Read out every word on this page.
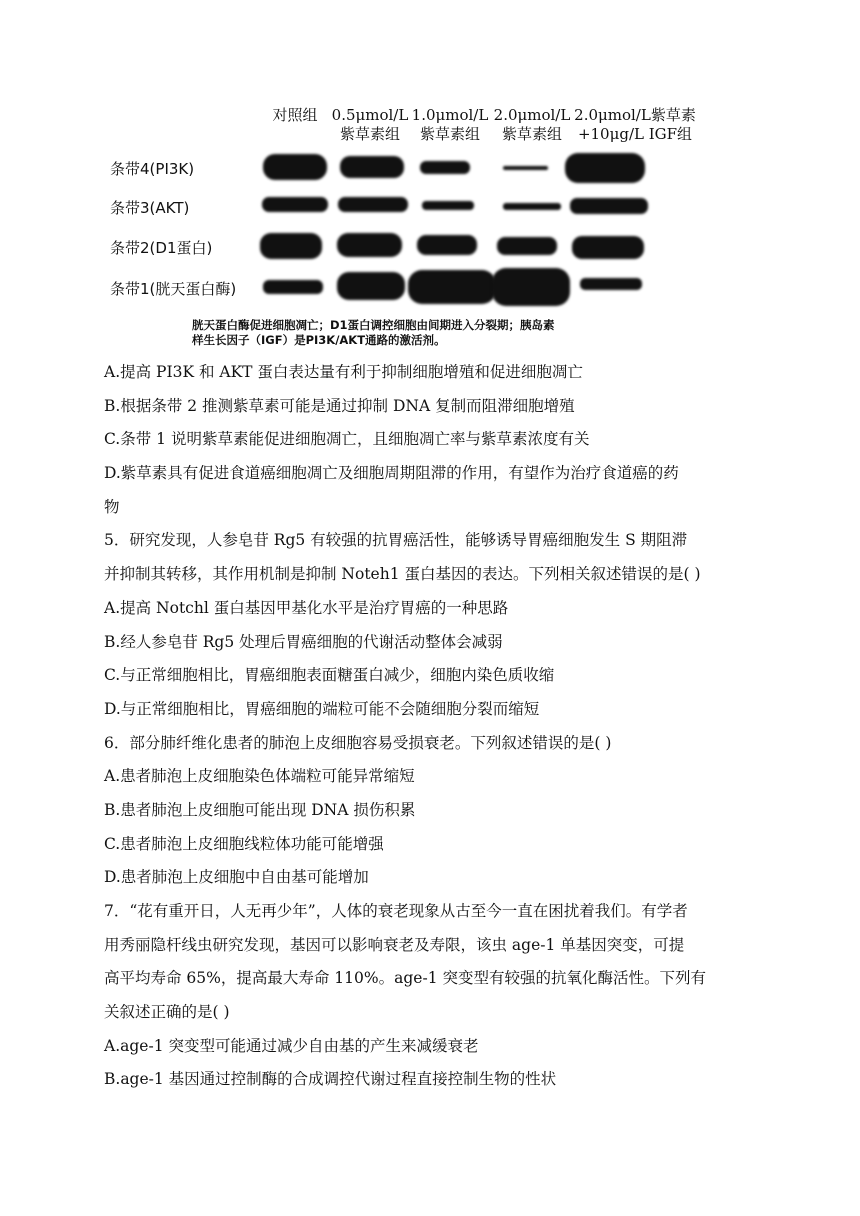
对照组 0.5μmol/L
紫草素组
1.0μmol/L
紫草素组
2.0μmol/L
紫草素组
2.0μmol/L紫草素
+10μg/L IGF组
条带4(PI3K)
条带3(AKT)
条带2(D1蛋白)
条带1(胱天蛋白酶)
胱天蛋白酶促进细胞凋亡；D1蛋白调控细胞由间期进入分裂期；胰岛素
样生长因子（IGF）是PI3K/AKT通路的激活剂。
A.提高 PI3K 和 AKT 蛋白表达量有利于抑制细胞增殖和促进细胞凋亡
B.根据条带 2 推测紫草素可能是通过抑制 DNA 复制而阻滞细胞增殖
C.条带 1 说明紫草素能促进细胞凋亡，且细胞凋亡率与紫草素浓度有关
D.紫草素具有促进食道癌细胞凋亡及细胞周期阻滞的作用，有望作为治疗食道癌的药
物
5．研究发现，人参皂苷 Rg5 有较强的抗胃癌活性，能够诱导胃癌细胞发生 S 期阻滞
并抑制其转移，其作用机制是抑制 Noteh1 蛋白基因的表达。下列相关叙述错误的是( )
A.提高 Notchl 蛋白基因甲基化水平是治疗胃癌的一种思路
B.经人参皂苷 Rg5 处理后胃癌细胞的代谢活动整体会减弱
C.与正常细胞相比，胃癌细胞表面糖蛋白减少，细胞内染色质收缩
D.与正常细胞相比，胃癌细胞的端粒可能不会随细胞分裂而缩短
6．部分肺纤维化患者的肺泡上皮细胞容易受损衰老。下列叙述错误的是( )
A.患者肺泡上皮细胞染色体端粒可能异常缩短
B.患者肺泡上皮细胞可能出现 DNA 损伤积累
C.患者肺泡上皮细胞线粒体功能可能增强
D.患者肺泡上皮细胞中自由基可能增加
7．“花有重开日，人无再少年”，人体的衰老现象从古至今一直在困扰着我们。有学者
用秀丽隐杆线虫研究发现，基因可以影响衰老及寿限，该虫 age-1 单基因突变，可提
高平均寿命 65%，提高最大寿命 110%。age-1 突变型有较强的抗氧化酶活性。下列有
关叙述正确的是( )
A.age-1 突变型可能通过减少自由基的产生来减缓衰老
B.age-1 基因通过控制酶的合成调控代谢过程直接控制生物的性状
